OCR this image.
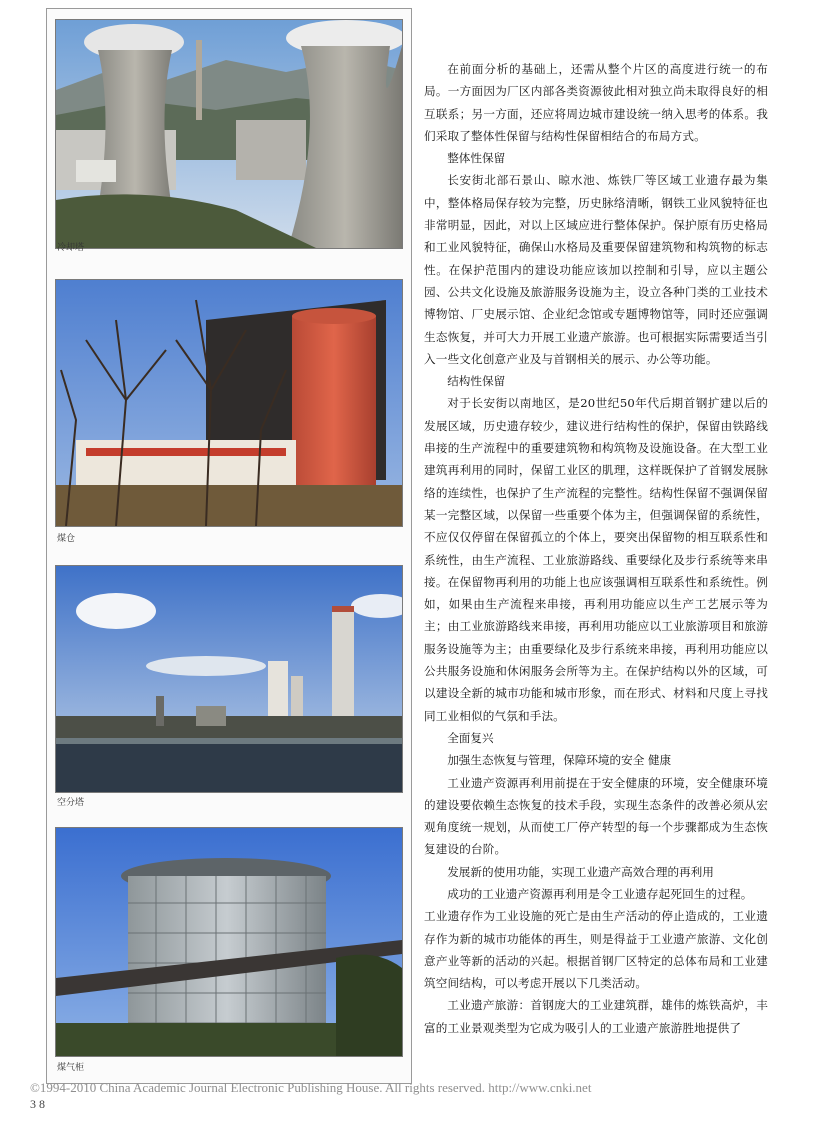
冷却塔
煤仓
空分塔
煤气柜

在前面分析的基础上，还需从整个片区的高度进行统一的布局。一方面因为厂区内部各类资源彼此相对独立尚未取得良好的相互联系；另一方面，还应将周边城市建设统一纳入思考的体系。我们采取了整体性保留与结构性保留相结合的布局方式。

整体性保留

长安街北部石景山、晾水池、炼铁厂等区域工业遗存最为集中，整体格局保存较为完整，历史脉络清晰，钢铁工业风貌特征也非常明显，因此，对以上区域应进行整体保护。保护原有历史格局和工业风貌特征，确保山水格局及重要保留建筑物和构筑物的标志性。在保护范围内的建设功能应该加以控制和引导，应以主题公园、公共文化设施及旅游服务设施为主，设立各种门类的工业技术博物馆、厂史展示馆、企业纪念馆或专题博物馆等，同时还应强调生态恢复，并可大力开展工业遗产旅游。也可根据实际需要适当引入一些文化创意产业及与首钢相关的展示、办公等功能。

结构性保留

对于长安街以南地区，是20世纪50年代后期首钢扩建以后的发展区域，历史遗存较少，建议进行结构性的保护，保留由铁路线串接的生产流程中的重要建筑物和构筑物及设施设备。在大型工业建筑再利用的同时，保留工业区的肌理，这样既保护了首钢发展脉络的连续性，也保护了生产流程的完整性。结构性保留不强调保留某一完整区域，以保留一些重要个体为主，但强调保留的系统性，不应仅仅停留在保留孤立的个体上，要突出保留物的相互联系性和系统性，由生产流程、工业旅游路线、重要绿化及步行系统等来串接。在保留物再利用的功能上也应该强调相互联系性和系统性。例如，如果由生产流程来串接，再利用功能应以生产工艺展示等为主；由工业旅游路线来串接，再利用功能应以工业旅游项目和旅游服务设施等为主；由重要绿化及步行系统来串接，再利用功能应以公共服务设施和休闲服务会所等为主。在保护结构以外的区域，可以建设全新的城市功能和城市形象，而在形式、材料和尺度上寻找同工业相似的气氛和手法。

全面复兴

加强生态恢复与管理，保障环境的安全 健康

工业遗产资源再利用前提在于安全健康的环境，安全健康环境的建设要依赖生态恢复的技术手段，实现生态条件的改善必须从宏观角度统一规划，从而使工厂停产转型的每一个步骤都成为生态恢复建设的台阶。

发展新的使用功能，实现工业遗产高效合理的再利用

成功的工业遗产资源再利用是令工业遗存起死回生的过程。

工业遗存作为工业设施的死亡是由生产活动的停止造成的，工业遗存作为新的城市功能体的再生，则是得益于工业遗产旅游、文化创意产业等新的活动的兴起。根据首钢厂区特定的总体布局和工业建筑空间结构，可以考虑开展以下几类活动。

工业遗产旅游：首钢庞大的工业建筑群，雄伟的炼铁高炉，丰富的工业景观类型为它成为吸引人的工业遗产旅游胜地提供了

©1994-2010 China Academic Journal Electronic Publishing House. All rights reserved. http://www.cnki.net
3 8
